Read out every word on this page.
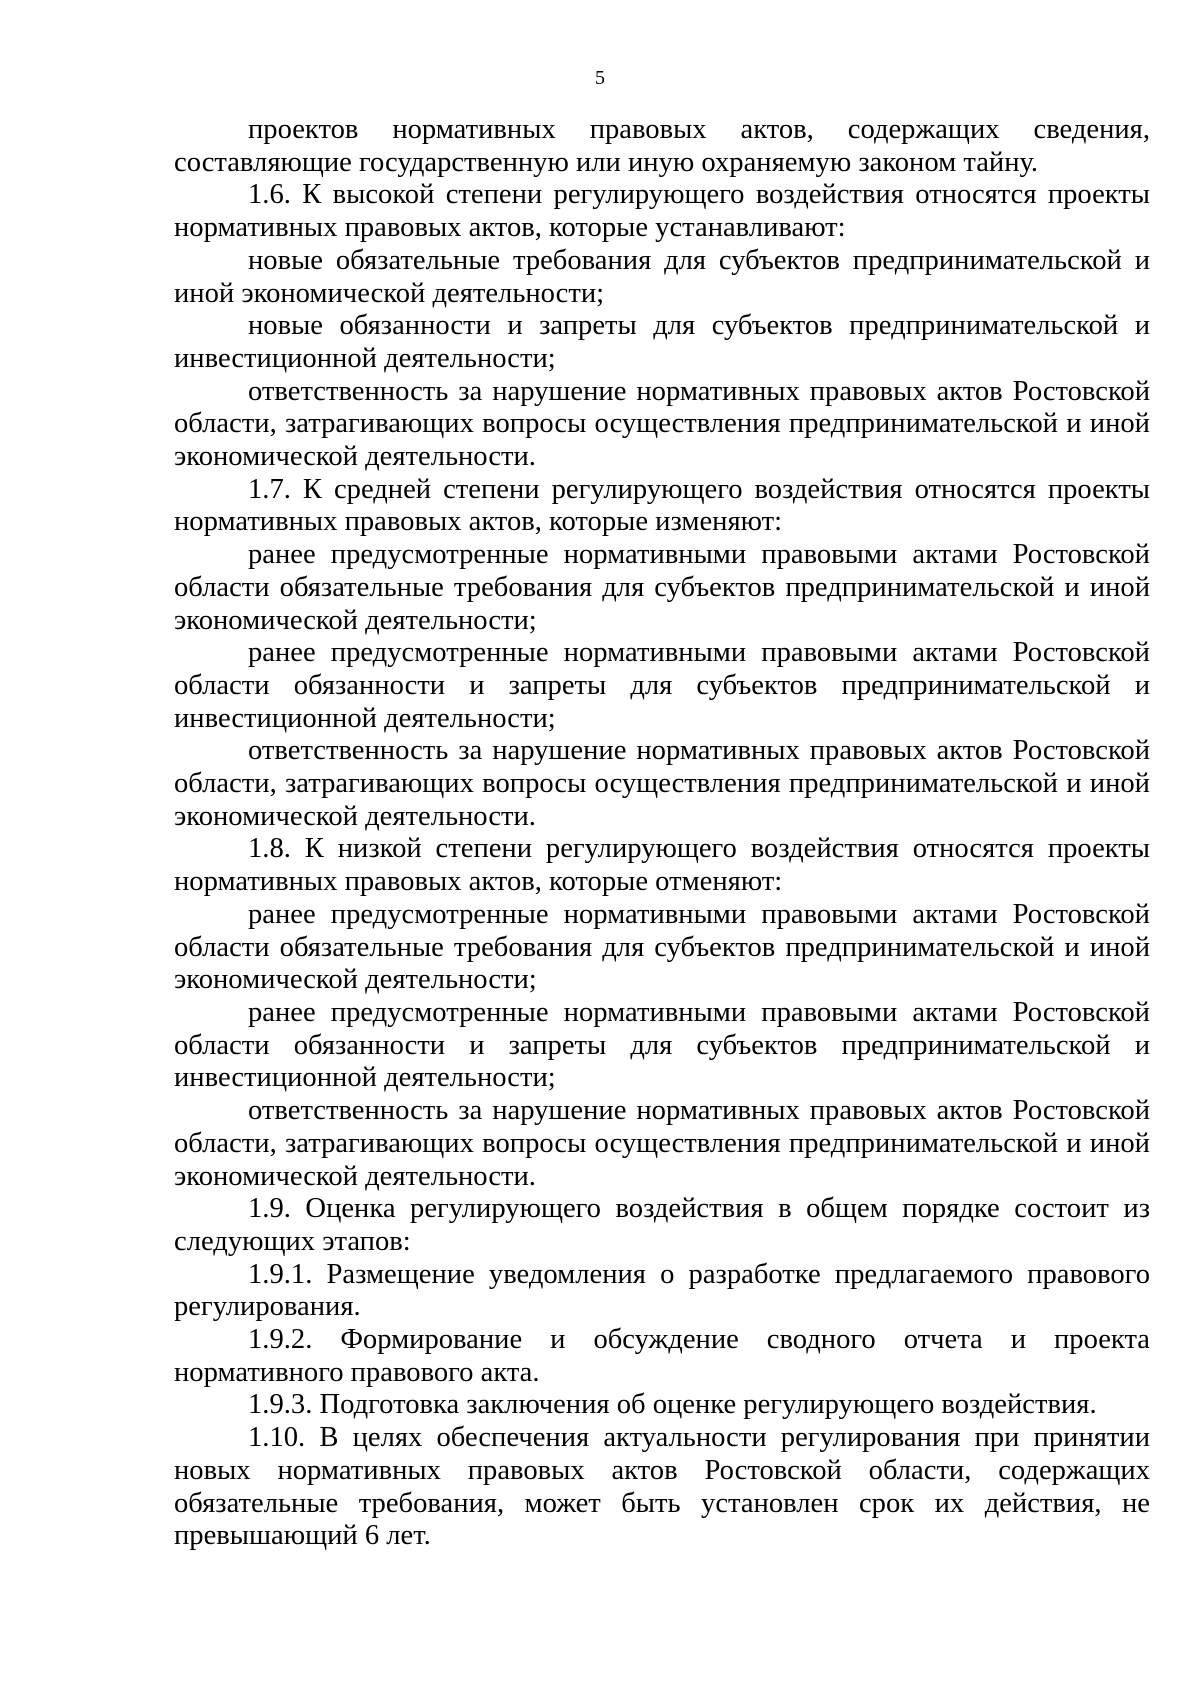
5

проектов нормативных правовых актов, содержащих сведения, составляющие государственную или иную охраняемую законом тайну.

1.6. К высокой степени регулирующего воздействия относятся проекты нормативных правовых актов, которые устанавливают:

новые обязательные требования для субъектов предпринимательской и иной экономической деятельности;

новые обязанности и запреты для субъектов предпринимательской и инвестиционной деятельности;

ответственность за нарушение нормативных правовых актов Ростовской области, затрагивающих вопросы осуществления предпринимательской и иной экономической деятельности.

1.7. К средней степени регулирующего воздействия относятся проекты нормативных правовых актов, которые изменяют:

ранее предусмотренные нормативными правовыми актами Ростовской области обязательные требования для субъектов предпринимательской и иной экономической деятельности;

ранее предусмотренные нормативными правовыми актами Ростовской области обязанности и запреты для субъектов предпринимательской и инвестиционной деятельности;

ответственность за нарушение нормативных правовых актов Ростовской области, затрагивающих вопросы осуществления предпринимательской и иной экономической деятельности.

1.8. К низкой степени регулирующего воздействия относятся проекты нормативных правовых актов, которые отменяют:

ранее предусмотренные нормативными правовыми актами Ростовской области обязательные требования для субъектов предпринимательской и иной экономической деятельности;

ранее предусмотренные нормативными правовыми актами Ростовской области обязанности и запреты для субъектов предпринимательской и инвестиционной деятельности;

ответственность за нарушение нормативных правовых актов Ростовской области, затрагивающих вопросы осуществления предпринимательской и иной экономической деятельности.

1.9. Оценка регулирующего воздействия в общем порядке состоит из следующих этапов:

1.9.1. Размещение уведомления о разработке предлагаемого правового регулирования.

1.9.2. Формирование и обсуждение сводного отчета и проекта нормативного правового акта.

1.9.3. Подготовка заключения об оценке регулирующего воздействия.

1.10. В целях обеспечения актуальности регулирования при принятии новых нормативных правовых актов Ростовской области, содержащих обязательные требования, может быть установлен срок их действия, не превышающий 6 лет.
